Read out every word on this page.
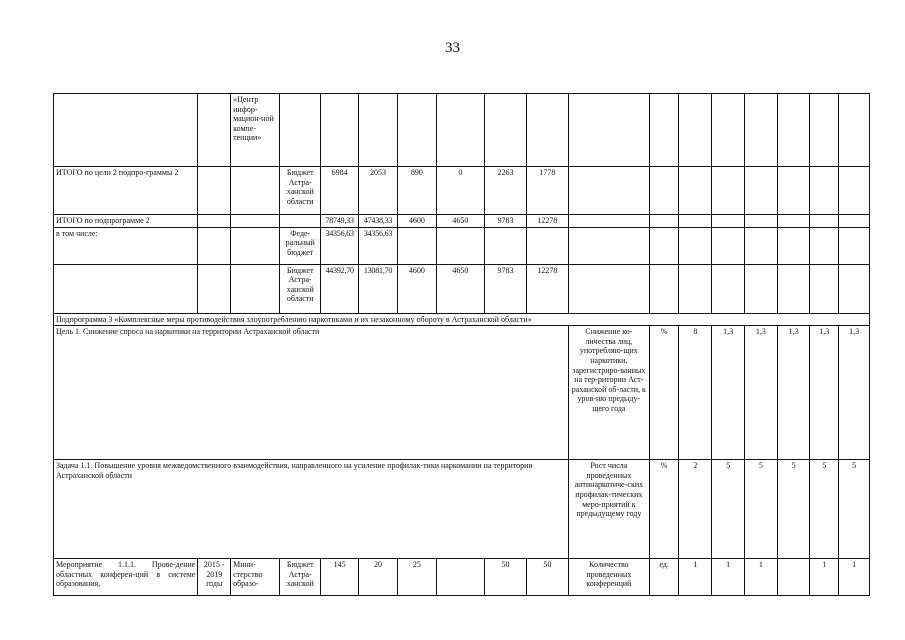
33
		«Центр инфор-мацион-ной компе-тенции»															
ИТОГО по цели 2 подпро-граммы 2			Бюджет Астра-ханской области	6984	2053	890	0	2263	1778								
ИТОГО по подпрограмме 2				78749,33	47438,33	4600	4650	9783	12278								
в том числе:			Феде-ральный бюджет	34356,63	34356,63												
			Бюджет Астра-ханской области	44392,70	13081,70	4600	4650	9783	12278								
Подпрограмма 3 «Комплексные меры противодействия злоупотреблению наркотиками и их незаконному обороту в Астраханской области»																	
Цель 1. Снижение спроса на наркотики на территории Астраханской области										Снижение ко-личества лиц, употребляю-щих наркотики, зарегистриро-ванных на тер-ритории Аст-раханской об-ласти, к уров-ню предыду-щего года	%	8	1,3	1,3	1,3	1,3	1,3
Задача 1.1. Повышение уровня межведомственного взаимодействия, направленного на усиление профилак-тики наркомании на территории Астраханской области										Рост числа проведенных антинаркотиче-ских профилак-тических меро-приятий к предыдущему году	%	2	5	5	5	5	5
Мероприятие 1.1.1. Прове-дение областных конферен-ций в системе образования,	2015 - 2019 годы	Мини-стерство образо-	Бюджет Астра-ханской	145	20	25		50	50	Количество проведенных конференций	ед.	1	1	1		1	1
